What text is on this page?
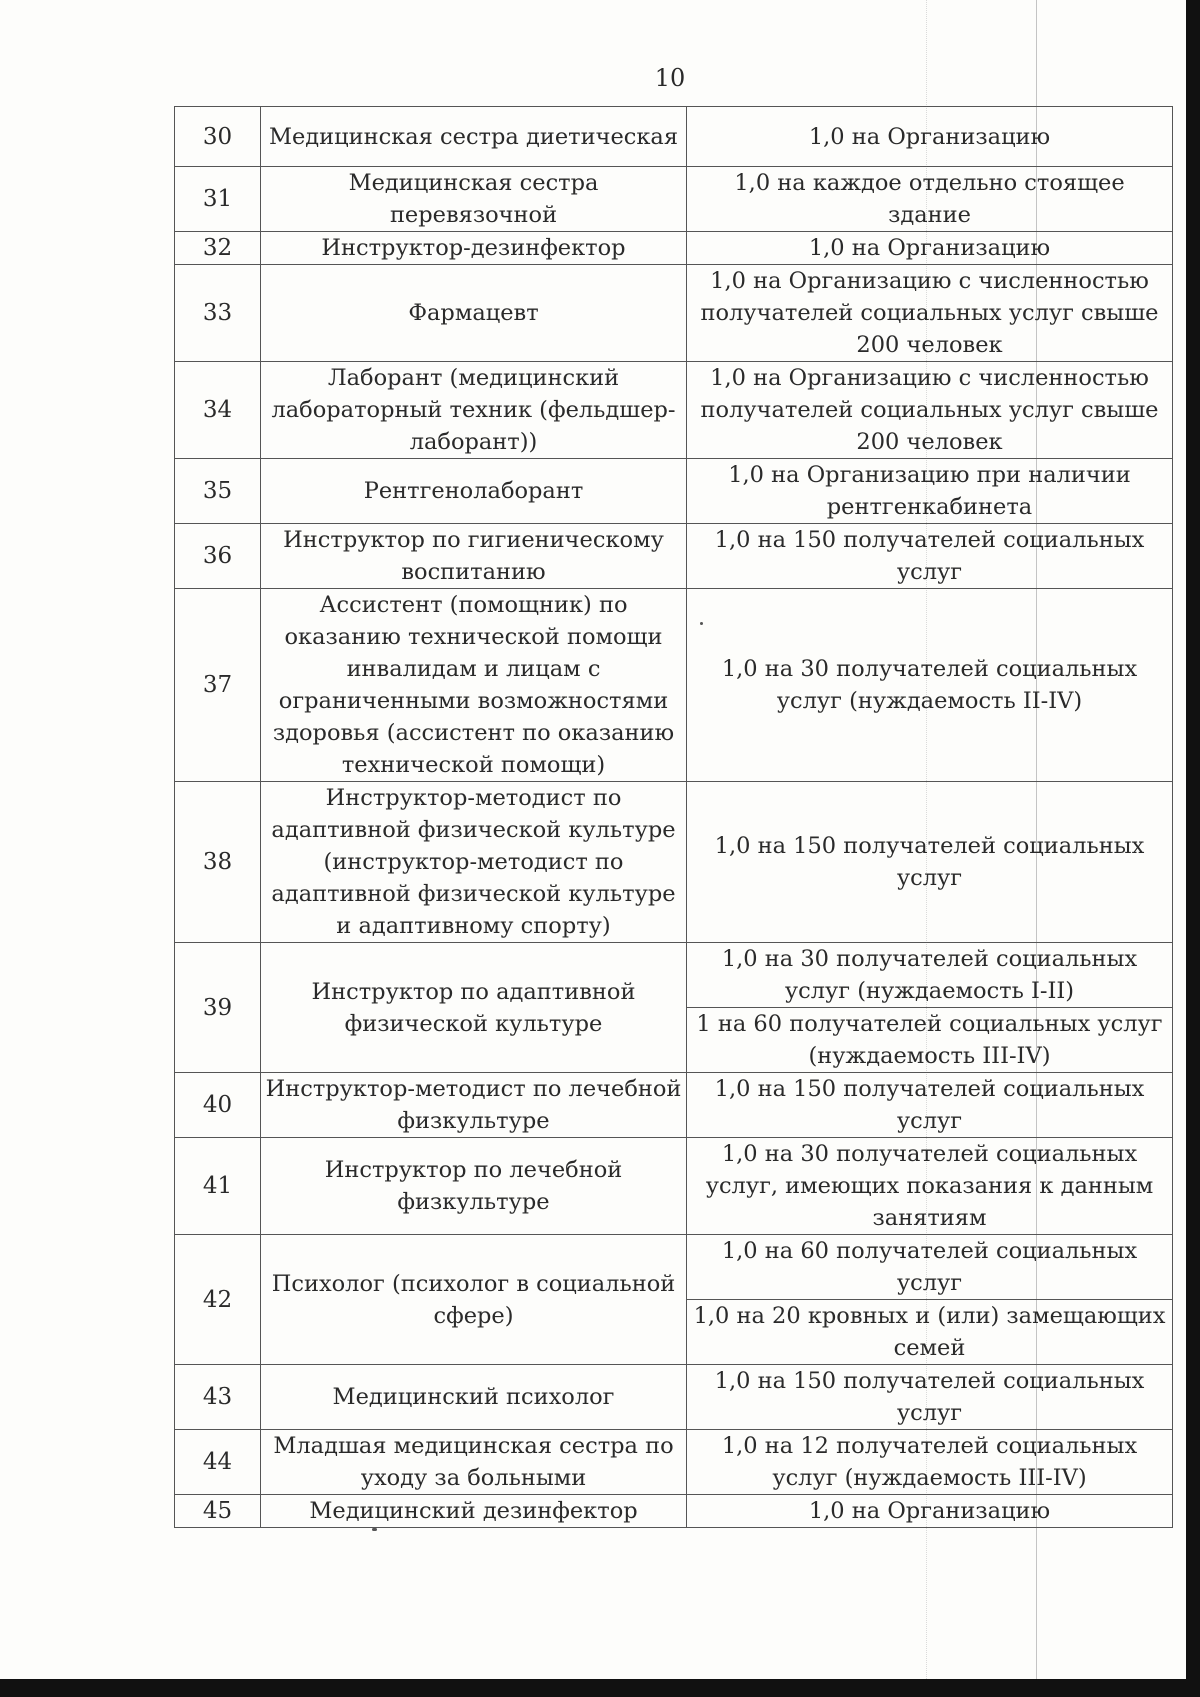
10
30	Медицинская сестра диетическая	1,0 на Организацию
31	Медицинская сестра перевязочной	1,0 на каждое отдельно стоящее здание
32	Инструктор-дезинфектор	1,0 на Организацию
33	Фармацевт	1,0 на Организацию с численностью получателей социальных услуг свыше 200 человек
34	Лаборант (медицинский лабораторный техник (фельдшер-лаборант))	1,0 на Организацию с численностью получателей социальных услуг свыше 200 человек
35	Рентгенолаборант	1,0 на Организацию при наличии рентгенкабинета
36	Инструктор по гигиеническому воспитанию	1,0 на 150 получателей социальных услуг
37	Ассистент (помощник) по оказанию технической помощи инвалидам и лицам с ограниченными возможностями здоровья (ассистент по оказанию технической помощи)	1,0 на 30 получателей социальных услуг (нуждаемость II-IV)
38	Инструктор-методист по адаптивной физической культуре (инструктор-методист по адаптивной физической культуре и адаптивному спорту)	1,0 на 150 получателей социальных услуг
39	Инструктор по адаптивной физической культуре	1,0 на 30 получателей социальных услуг (нуждаемость I-II)
		1 на 60 получателей социальных услуг (нуждаемость III-IV)
40	Инструктор-методист по лечебной физкультуре	1,0 на 150 получателей социальных услуг
41	Инструктор по лечебной физкультуре	1,0 на 30 получателей социальных услуг, имеющих показания к данным занятиям
42	Психолог (психолог в социальной сфере)	1,0 на 60 получателей социальных услуг
		1,0 на 20 кровных и (или) замещающих семей
43	Медицинский психолог	1,0 на 150 получателей социальных услуг
44	Младшая медицинская сестра по уходу за больными	1,0 на 12 получателей социальных услуг (нуждаемость III-IV)
45	Медицинский дезинфектор	1,0 на Организацию
